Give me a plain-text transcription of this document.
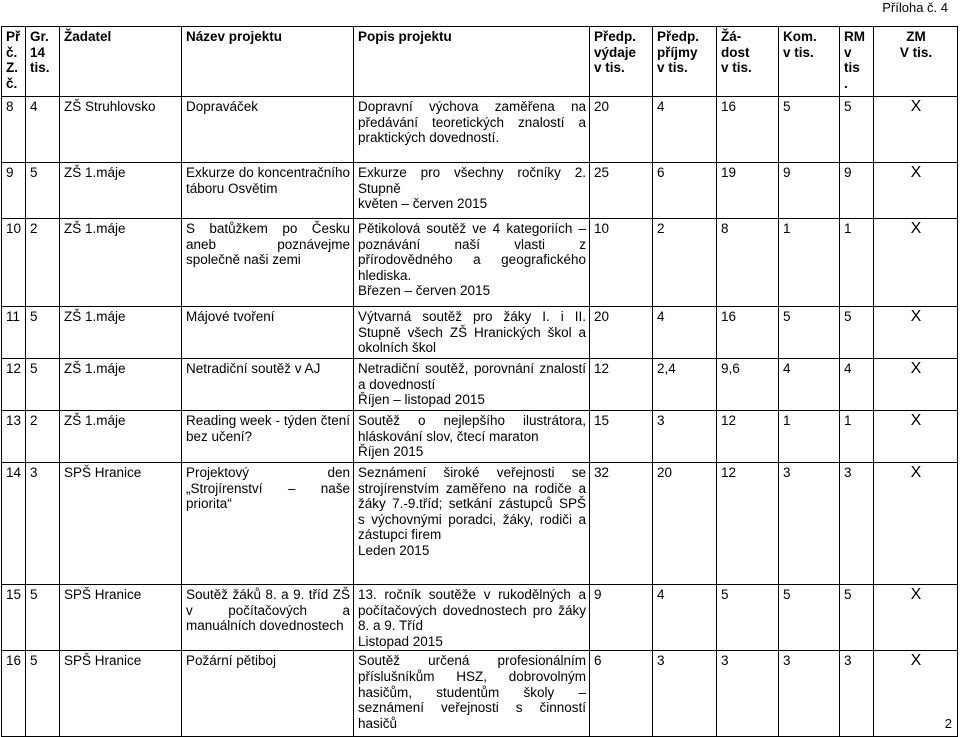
Příloha č. 4
Př
č.
Z.
č.	Gr.
14
tis.	Žadatel	Název projektu	Popis projektu	Předp.
výdaje
v tis.	Předp.
příjmy
v tis.	Žá-
dost
v tis.	Kom.
v tis.	RM
v tis
.	ZM
V tis.
8	4	ZŠ Struhlovsko	Dopraváček	Dopravní výchova zaměřena na předávání teoretických znalostí a praktických dovedností.	20	4	16	5	5	X
9	5	ZŠ 1.máje	Exkurze do koncentračního táboru Osvětim	Exkurze pro všechny ročníky 2. Stupně
květen – červen 2015	25	6	19	9	9	X
10	2	ZŠ 1.máje	S batůžkem po Česku aneb poznávejme společně naši zemi	Pětikolová soutěž ve 4 kategoriích – poznávání naší vlasti z přírodovědného a geografického hlediska.
Březen – červen 2015	10	2	8	1	1	X
11	5	ZŠ 1.máje	Májové tvoření	Výtvarná soutěž pro žáky I. i II. Stupně všech ZŠ Hranických škol a okolních škol	20	4	16	5	5	X
12	5	ZŠ 1.máje	Netradiční soutěž v AJ	Netradiční soutěž, porovnání znalostí a dovedností
Říjen – listopad 2015	12	2,4	9,6	4	4	X
13	2	ZŠ 1.máje	Reading week - týden čtení bez učení?	Soutěž o nejlepšího ilustrátora, hláskování slov, čtecí maraton
Říjen 2015	15	3	12	1	1	X
14	3	SPŠ Hranice	Projektový den „Strojírenství – naše priorita“	Seznámení široké veřejnosti se strojírenstvím zaměřeno na rodiče a žáky 7.-9.tříd; setkání zástupců SPŠ s výchovnými poradci, žáky, rodiči a zástupci firem
Leden 2015	32	20	12	3	3	X
15	5	SPŠ Hranice	Soutěž žáků 8. a 9. tříd ZŠ v počítačových a manuálních dovednostech	13. ročník soutěže v rukodělných a počítačových dovednostech pro žáky 8. a 9. Tříd
Listopad 2015	9	4	5	5	5	X
16	5	SPŠ Hranice	Požární pětiboj	Soutěž určená profesionálním příslušníkům HSZ, dobrovolným hasičům, studentům školy – seznámení veřejnosti s činností hasičů	6	3	3	3	3	X
2
